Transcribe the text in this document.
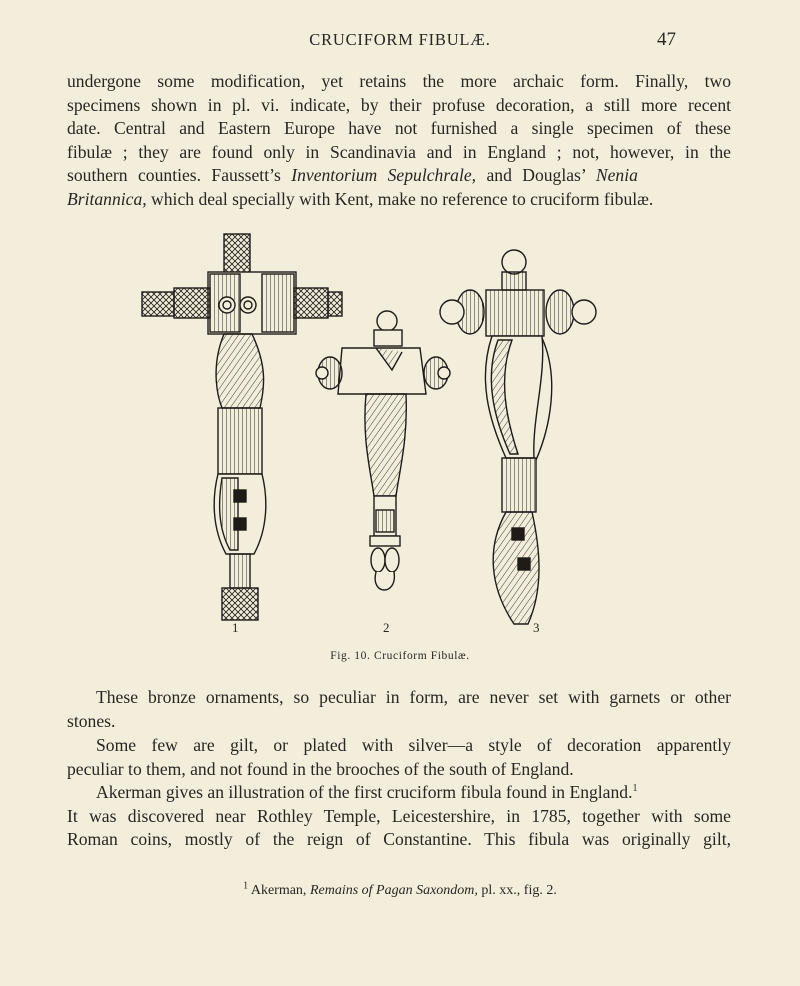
CRUCIFORM FIBULÆ.	47
undergone some modification, yet retains the more archaic form. Finally, two
specimens shown in pl. vi. indicate, by their profuse decoration, a still more recent
date. Central and Eastern Europe have not furnished a single specimen of these
fibulæ ; they are found only in Scandinavia and in England ; not, however, in the
southern counties. Faussett’s Inventorium Sepulchrale, and Douglas’ Nenia
Britannica, which deal specially with Kent, make no reference to cruciform fibulæ.
1	2	3
Fig. 10. Cruciform Fibulæ.
These bronze ornaments, so peculiar in form, are never set with garnets or other
stones.
Some few are gilt, or plated with silver—a style of decoration apparently
peculiar to them, and not found in the brooches of the south of England.
Akerman gives an illustration of the first cruciform fibula found in England.$^1$
It was discovered near Rothley Temple, Leicestershire, in 1785, together with some
Roman coins, mostly of the reign of Constantine. This fibula was originally gilt,
$^1$ Akerman, Remains of Pagan Saxondom, pl. xx., fig. 2.
